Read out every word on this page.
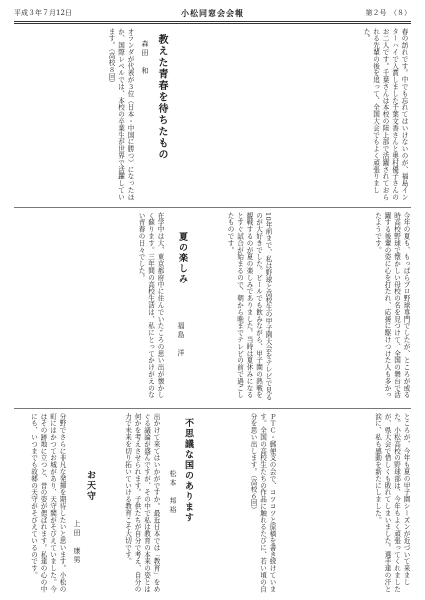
平成３年７月12日	小松同窓会会報	第２号　（８）
春の訪れです。中でも忘れてはいけないのが、福島インターハイで入賞しました千葉文香さんと奥村優子さんのお二人です。千葉さんは本校の陸上部で活躍されておられる先輩の後を追って、全国大会でもよく頑張りました。
オランダが代表が３位（日本・中国に勝つ）になったほか、国際レベルでは、本校の卒業生が世界で活躍しています。（高校８回）	教えた青春を待ちたもの
森田　和
今年の夏も、もっぱらプロ野球専門でしたが、ところが或る時高校野球で懐かしい母校の名を見つけて、全国の舞台で活躍する後輩の姿に心を打たれ、応援に駆けつけた人も多かったようです。
10年前まで、私は野球と高校生の甲子園大会をテレビで見るのが大好きでした。ビールでも飲みながら、甲子園の熱戦を観戦するのが夏の楽しみでありました。当時は夏休みになるとすぐ試合が始まるので、朝から晩までテレビの前で過ごしたものです。
夏の楽しみ
福島　洋
在学中は大、東京都府中に住んでいたころの思い出が懐かしく蘇ります。三年間の高校生活は、私にとってかけがえのない青春の日々でした。
ところが、今年も夏の甲子園シーズンが近づいて来ました。小松高校の野球部は、今年もよく頑張ってくれましたが、県大会で惜しくも敗れてしまいました。選手達の汗と涙に、私も感動を新たにしました。
ＰＴＣ・郵便支の会で、コツコツと原稿を書き続けています。全国の高校生たちの作品に触れるたびに、若い頃の自分を思い出します。（高校６回）
不思議な国のあります
松本　邦裕
出かけて来てはいかがですか。最近日本では「教育」をめぐる議論が盛んですが、その中で私は教育の本来の姿とは何かを考えさせられます。子供たちが自分で考え、自分の力で未来を切り拓いていける教育こそ大切です。
お天守
上田　康男
分野でさらに非凡な発揮を期待したいと思います。小松の町にはかつてお城があり、天守閣がそびえていました。今はその跡地に立つと、昔の姿が偲ばれます。私達の心の中にも、いつまでも故郷の天守がそびえているのです。
